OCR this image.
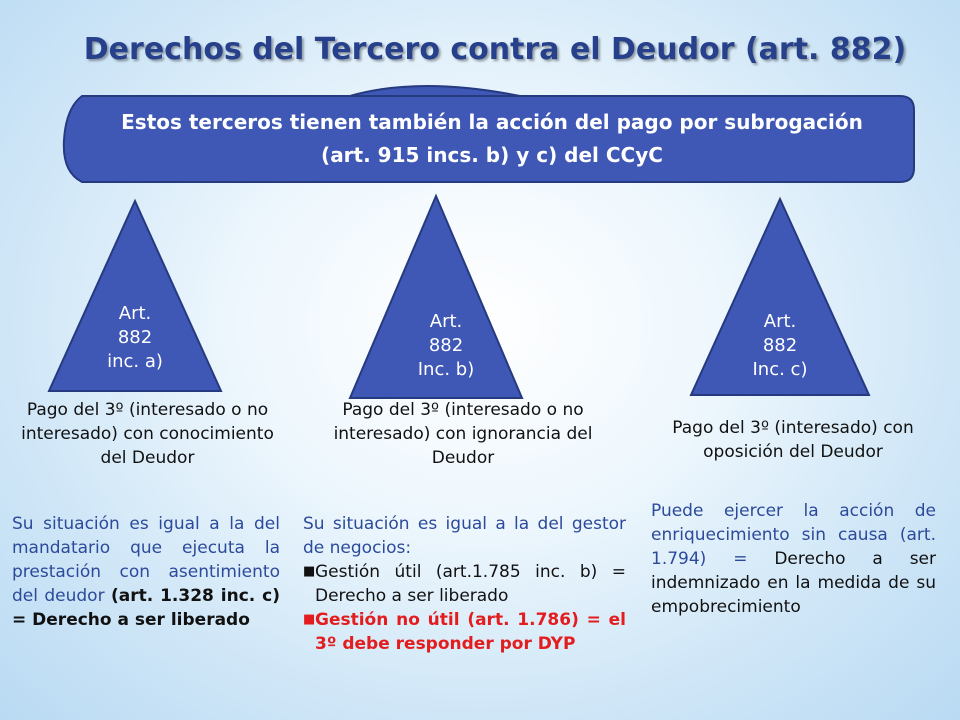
Derechos del Tercero contra el Deudor (art. 882)
Estos terceros tienen también la acción del pago por subrogación
(art. 915 incs. b) y c) del CCyC
Art.
882
inc. a)
Pago del 3º (interesado o no interesado) con conocimiento del Deudor
Su situación es igual a la del mandatario que ejecuta la prestación con asentimiento del deudor (art. 1.328 inc. c) = Derecho a ser liberado
Art.
882
Inc. b)
Pago del 3º (interesado o no interesado) con ignorancia del Deudor
Su situación es igual a la del gestor de negocios:
■ Gestión útil (art.1.785 inc. b) = Derecho a ser liberado
■ Gestión no útil (art. 1.786) = el 3º debe responder por DYP
Art.
882
Inc. c)
Pago del 3º (interesado) con oposición del Deudor
Puede ejercer la acción de enriquecimiento sin causa (art. 1.794) = Derecho a ser indemnizado en la medida de su empobrecimiento
